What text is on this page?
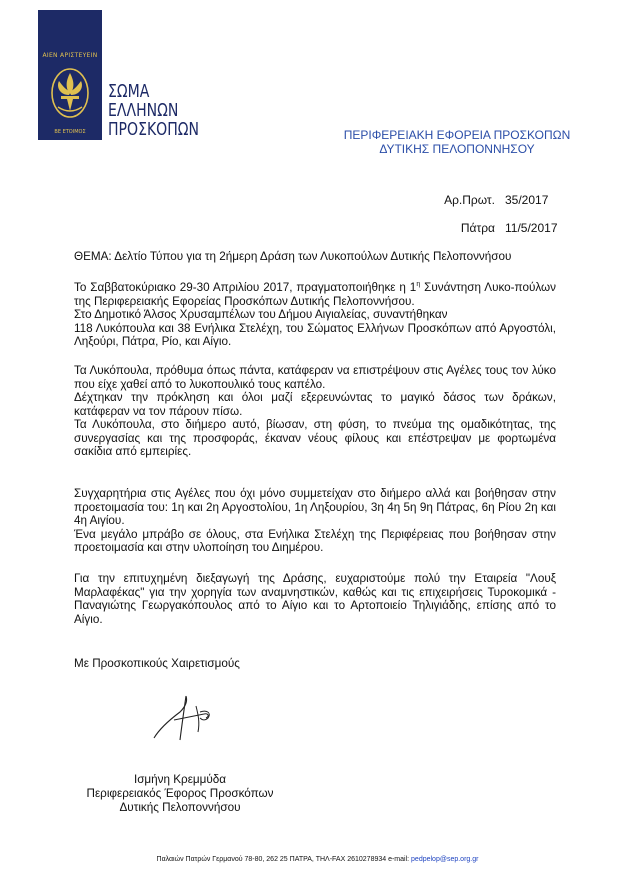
ΑΙΕΝ ΑΡΙΣΤΕΥΕΙΝ
ΒΕ ΕΤΟΙΜΟΣ
ΣΩΜΑ
ΕΛΛΗΝΩΝ
ΠΡΟΣΚΟΠΩΝ	ΠΕΡΙΦΕΡΕΙΑΚΗ ΕΦΟΡΕΙΑ ΠΡΟΣΚΟΠΩΝ
ΔΥΤΙΚΗΣ ΠΕΛΟΠΟΝΝΗΣΟΥ
Αρ.Πρωτ. 35/2017
Πάτρα 11/5/2017
ΘΕΜΑ: Δελτίο Τύπου για τη 2ήμερη Δράση των Λυκοπούλων Δυτικής Πελοποννήσου

Το Σαββατοκύριακο 29-30 Απριλίου 2017, πραγματοποιήθηκε η $1^\eta$ Συνάντηση Λυκο-πούλων της Περιφερειακής Εφορείας Προσκόπων Δυτικής Πελοποννήσου.

Στο Δημοτικό Άλσος Χρυσαμπέλων του Δήμου Αιγιαλείας, συναντήθηκαν

118 Λυκόπουλα και 38 Ενήλικα Στελέχη, του Σώματος Ελλήνων Προσκόπων από Αργοστόλι, Ληξούρι, Πάτρα, Ρίο, και Αίγιο.

Τα Λυκόπουλα, πρόθυμα όπως πάντα, κατάφεραν να επιστρέψουν στις Αγέλες τους τον λύκο που είχε χαθεί από το λυκοπουλικό τους καπέλο.

Δέχτηκαν την πρόκληση και όλοι μαζί εξερευνώντας το μαγικό δάσος των δράκων, κατάφεραν να τον πάρουν πίσω.

Τα Λυκόπουλα, στο διήμερο αυτό, βίωσαν, στη φύση, το πνεύμα της ομαδικότητας, της συνεργασίας και της προσφοράς, έκαναν νέους φίλους και επέστρεψαν με φορτωμένα σακίδια από εμπειρίες.

Συγχαρητήρια στις Αγέλες που όχι μόνο συμμετείχαν στο διήμερο αλλά και βοήθησαν στην προετοιμασία του: 1η και 2η Αργοστολίου, 1η Ληξουρίου, 3η 4η 5η 9η Πάτρας, 6η Ρίου 2η και 4η Αιγίου.

Ένα μεγάλο μπράβο σε όλους, στα Ενήλικα Στελέχη της Περιφέρειας που βοήθησαν στην προετοιμασία και στην υλοποίηση του Διημέρου.

Για την επιτυχημένη διεξαγωγή της Δράσης, ευχαριστούμε πολύ την Εταιρεία "Λουξ Μαρλαφέκας" για την χορηγία των αναμνηστικών, καθώς και τις επιχειρήσεις Τυροκομικά - Παναγιώτης Γεωργακόπουλος από το Αίγιο και το Αρτοποιείο Τηλιγιάδης, επίσης από το Αίγιο.
Με Προσκοπικούς Χαιρετισμούς
Ισμήνη Κρεμμύδα
Περιφερειακός Έφορος Προσκόπων
Δυτικής Πελοποννήσου
Παλαιών Πατρών Γερμανού 78-80, 262 25 ΠΑΤΡΑ, ΤΗΛ-FAX 2610278934 e-mail: pedpelop@sep.org.gr
